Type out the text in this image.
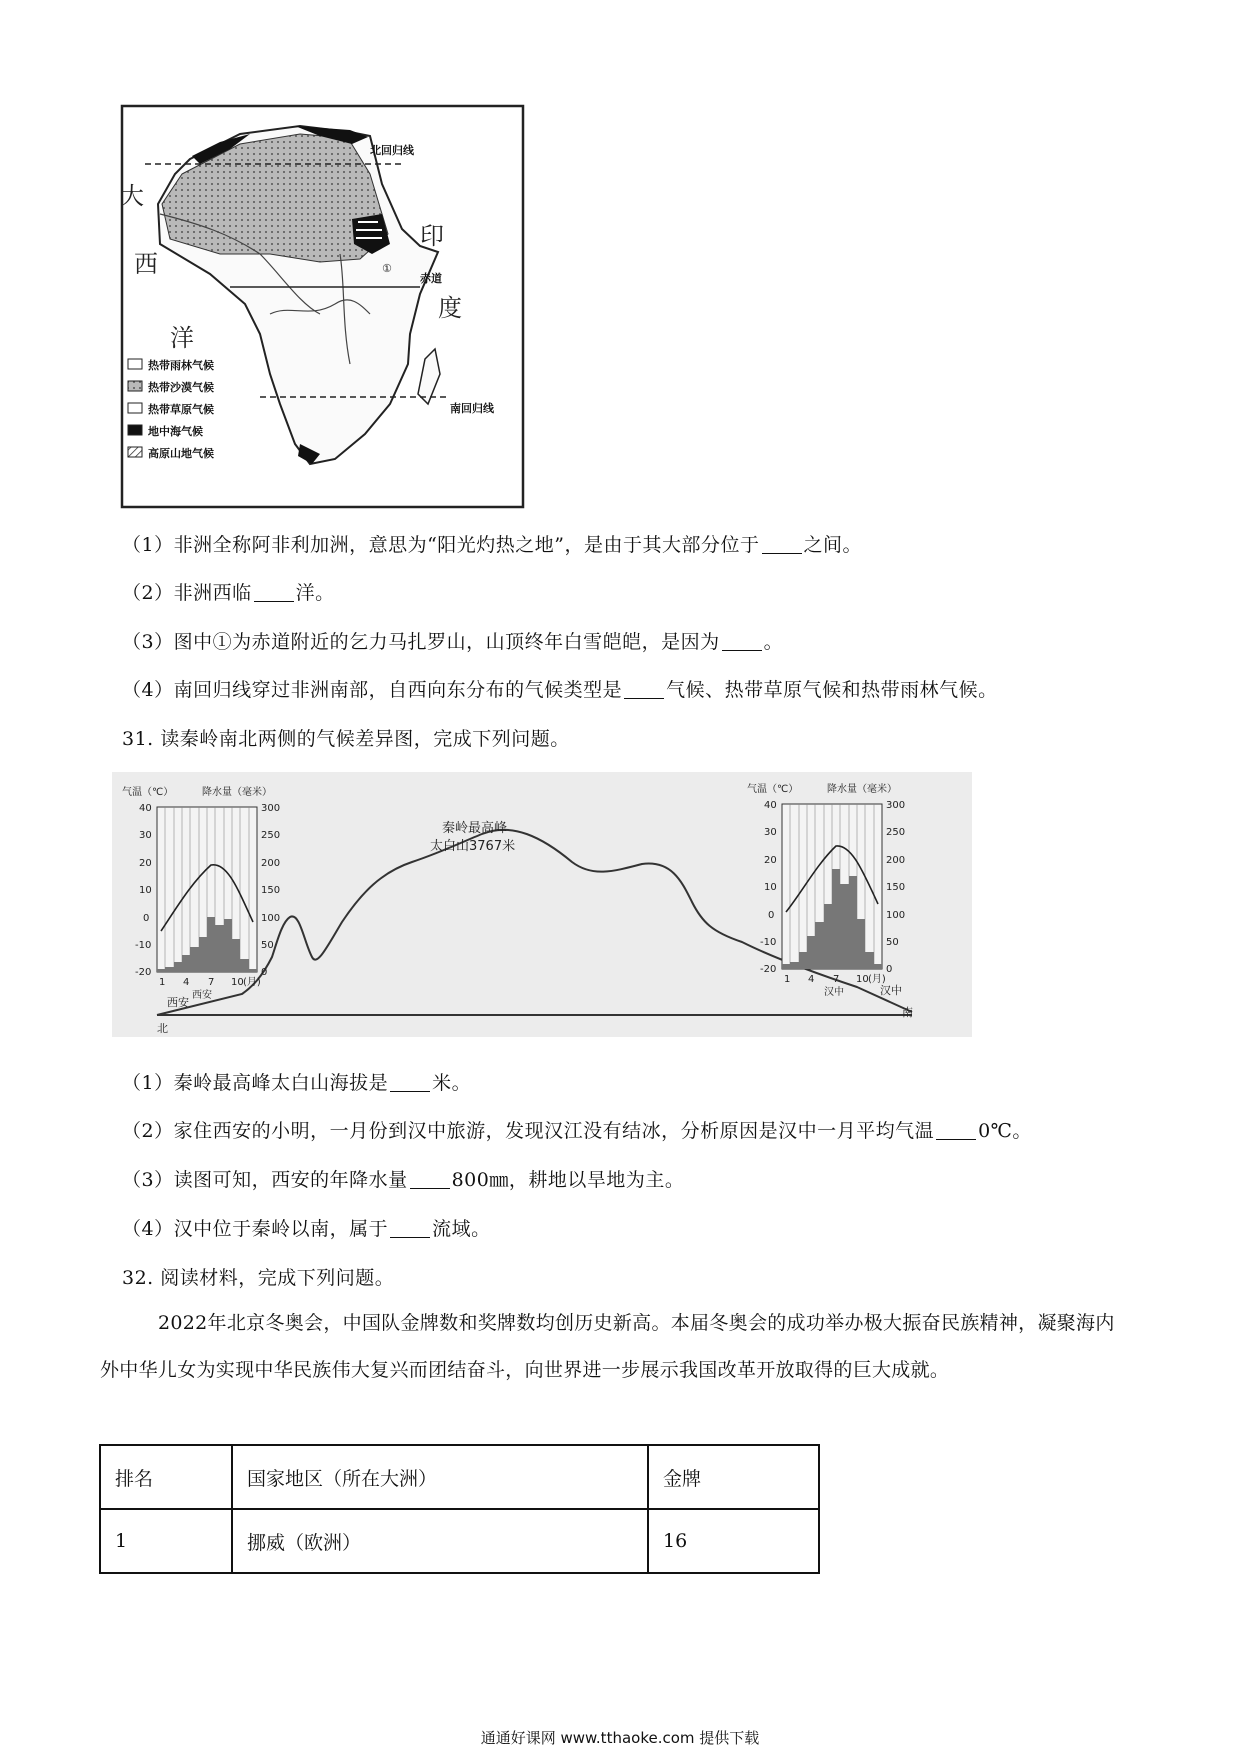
北回归线
赤道
南回归线
①
大
西
洋
印
度
热带雨林气候
热带沙漠气候
热带草原气候
地中海气候
高原山地气候
（1）非洲全称阿非利加洲，意思为“阳光灼热之地”，是由于其大部分位于 之间。
（2）非洲西临 洋。
（3）图中①为赤道附近的乞力马扎罗山，山顶终年白雪皑皑，是因为 。
（4）南回归线穿过非洲南部，自西向东分布的气候类型是 气候、热带草原气候和热带雨林气候。
31. 读秦岭南北两侧的气候差异图，完成下列问题。
秦岭最高峰
太白山3767米
西安
北
汉中
南
气温（℃）	降水量（毫米）
40
30
20
10
0
-10
-20
300
250
200
150
100
50
0
1 4 7 10 (月)
西安
气温（℃）	降水量（毫米）
40
30
20
10
0
-10
-20
300
250
200
150
100
50
0
1 4 7 10 (月)
汉中
（1）秦岭最高峰太白山海拔是 米。
（2）家住西安的小明，一月份到汉中旅游，发现汉江没有结冰，分析原因是汉中一月平均气温 0℃。
（3）读图可知，西安的年降水量 800㎜，耕地以旱地为主。
（4）汉中位于秦岭以南，属于 流域。
32. 阅读材料，完成下列问题。
2022年北京冬奥会，中国队金牌数和奖牌数均创历史新高。本届冬奥会的成功举办极大振奋民族精神，凝聚海内外中华儿女为实现中华民族伟大复兴而团结奋斗，向世界进一步展示我国改革开放取得的巨大成就。
排名	国家地区（所在大洲）	金牌
1	挪威（欧洲）	16
通通好课网 www.tthaoke.com 提供下载
